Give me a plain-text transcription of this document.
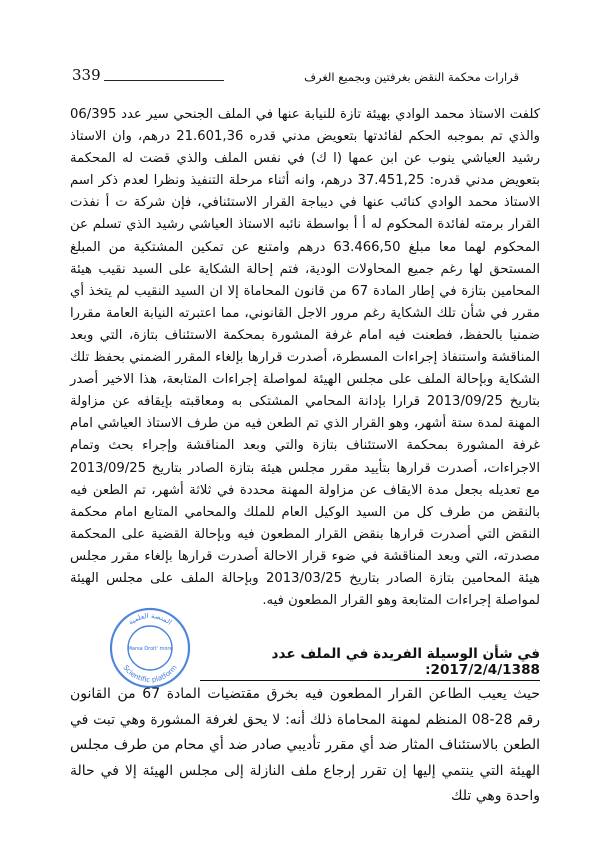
339	قرارات محكمة النقض بغرفتين وبجميع الغرف

كلفت الاستاذ محمد الوادي بهيئة تازة للنيابة عنها في الملف الجنحي سير عدد 06/395 والذي تم بموجبه الحكم لفائدتها بتعويض مدني قدره 21.601,36 درهم، وان الاستاذ رشيد العياشي ينوب عن ابن عمها (ا ك) في نفس الملف والذي قضت له المحكمة بتعويض مدني قدره: 37.451,25 درهم، وانه أثناء مرحلة التنفيذ ونظرا لعدم ذكر اسم الاستاذ محمد الوادي كنائب عنها في ديباجة القرار الاستئنافي، فإن شركة ت أ نفذت القرار برمته لفائدة المحكوم له أ أ بواسطة نائبه الاستاذ العياشي رشيد الذي تسلم عن المحكوم لهما معا مبلغ 63.466,50 درهم وامتنع عن تمكين المشتكية من المبلغ المستحق لها رغم جميع المحاولات الودية، فتم إحالة الشكاية على السيد نقيب هيئة المحامين بتازة في إطار المادة 67 من قانون المحاماة إلا ان السيد النقيب لم يتخذ أي مقرر في شأن تلك الشكاية رغم مرور الاجل القانوني، مما اعتبرته النيابة العامة مقررا ضمنيا بالحفظ، فطعنت فيه امام غرفة المشورة بمحكمة الاستئناف بتازة، التي وبعد المناقشة واستنفاذ إجراءات المسطرة، أصدرت قرارها بإلغاء المقرر الضمني بحفظ تلك الشكاية وبإحالة الملف على مجلس الهيئة لمواصلة إجراءات المتابعة، هذا الاخير أصدر بتاريخ 2013/09/25 قرارا بإدانة المحامي المشتكى به ومعاقبته بإيقافه عن مزاولة المهنة لمدة ستة أشهر، وهو القرار الذي تم الطعن فيه من طرف الاستاذ العياشي امام غرفة المشورة بمحكمة الاستئناف بتازة والتي وبعد المناقشة وإجراء بحث وتمام الاجراءات، أصدرت قرارها بتأييد مقرر مجلس هيئة بتازة الصادر بتاريخ 2013/09/25 مع تعديله بجعل مدة الايقاف عن مزاولة المهنة محددة في ثلاثة أشهر، تم الطعن فيه بالنقض من طرف كل من السيد الوكيل العام للملك والمحامي المتابع امام محكمة النقض التي أصدرت قرارها بنقض القرار المطعون فيه وبإحالة القضية على المحكمة مصدرته، التي وبعد المناقشة في ضوء قرار الاحالة أصدرت قرارها بإلغاء مقرر مجلس هيئة المحامين بتازة الصادر بتاريخ 2013/03/25 وبإحالة الملف على مجلس الهيئة لمواصلة إجراءات المتابعة وهو القرار المطعون فيه.

المنصة العلمية
Scientific platform
Marsa Droit' more	في شأن الوسيلة الفريدة في الملف عدد 2017/2/4/1388:

حيث يعيب الطاعن القرار المطعون فيه بخرق مقتضيات المادة 67 من القانون رقم 28-08 المنظم لمهنة المحاماة ذلك أنه: لا يحق لغرفة المشورة وهي تبت في الطعن بالاستئناف المثار ضد أي مقرر تأديبي صادر ضد أي محام من طرف مجلس الهيئة التي ينتمي إليها إن تقرر إرجاع ملف النازلة إلى مجلس الهيئة إلا في حالة واحدة وهي تلك
